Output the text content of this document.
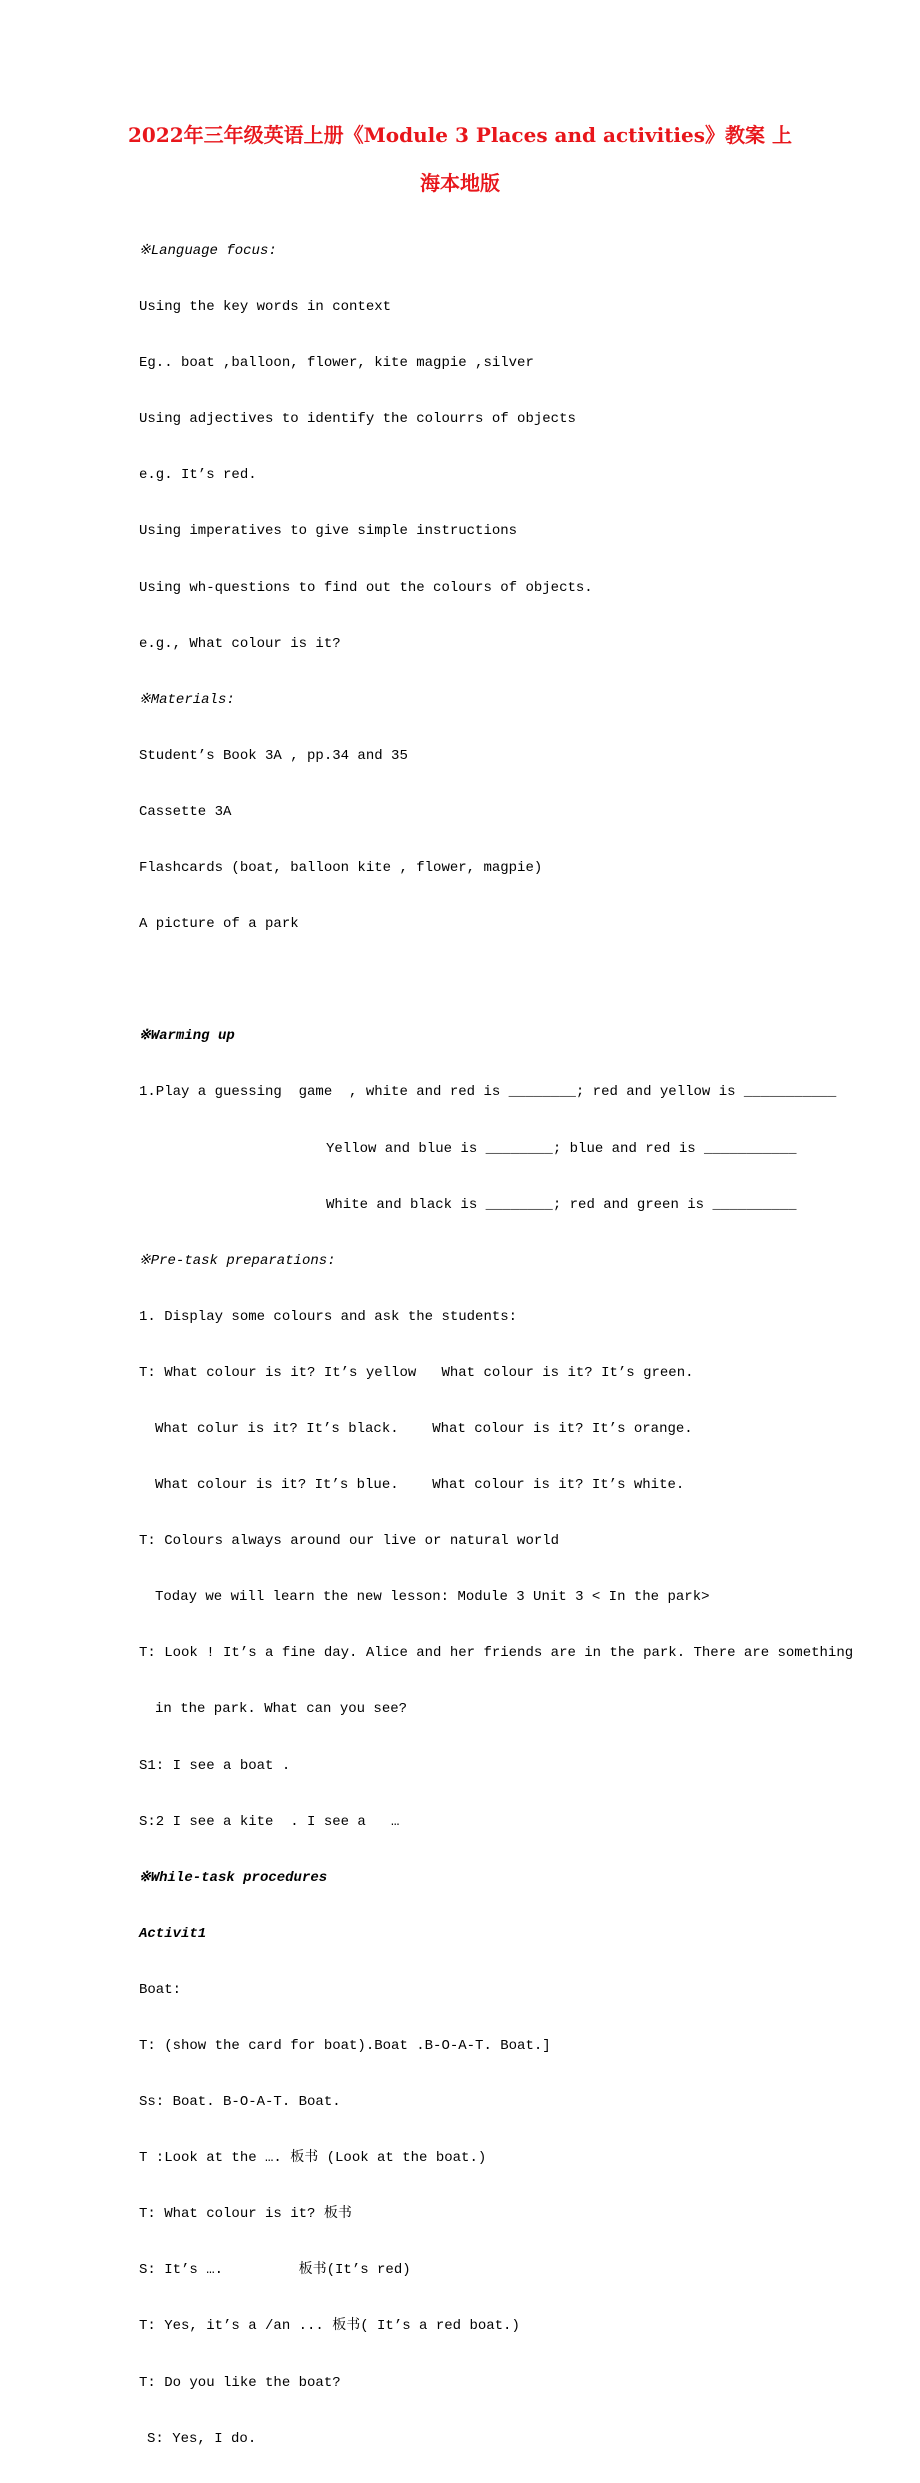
2022年三年级英语上册《Module 3 Places and activities》教案 上
海本地版

※Language focus:

Using the key words in context

Eg.. boat ,balloon, flower, kite magpie ,silver

Using adjectives to identify the colourrs of objects

e.g. It’s red.

Using imperatives to give simple instructions

Using wh-questions to find out the colours of objects.

e.g., What colour is it?

※Materials:

Student’s Book 3A , pp.34 and 35

Cassette 3A

Flashcards (boat, balloon kite , flower, magpie)

A picture of a park

※Warming up

1.Play a guessing  game  , white and red is ________; red and yellow is ___________

Yellow and blue is ________; blue and red is ___________

White and black is ________; red and green is __________

※Pre-task preparations:

1. Display some colours and ask the students:

T: What colour is it? It’s yellow   What colour is it? It’s green.

What colur is it? It’s black.    What colour is it? It’s orange.

What colour is it? It’s blue.    What colour is it? It’s white.

T: Colours always around our live or natural world

Today we will learn the new lesson: Module 3 Unit 3 < In the park>

T: Look ! It’s a fine day. Alice and her friends are in the park. There are something

in the park. What can you see?

S1: I see a boat .

S:2 I see a kite  . I see a   …

※While-task procedures

Activit1

Boat:

T: (show the card for boat).Boat .B-O-A-T. Boat.]

Ss: Boat. B-O-A-T. Boat.

T :Look at the …. 板书 (Look at the boat.)

T: What colour is it? 板书

S: It’s ….         板书(It’s red)

T: Yes, it’s a /an ... 板书( It’s a red boat.)

T: Do you like the boat?

S: Yes, I do.
